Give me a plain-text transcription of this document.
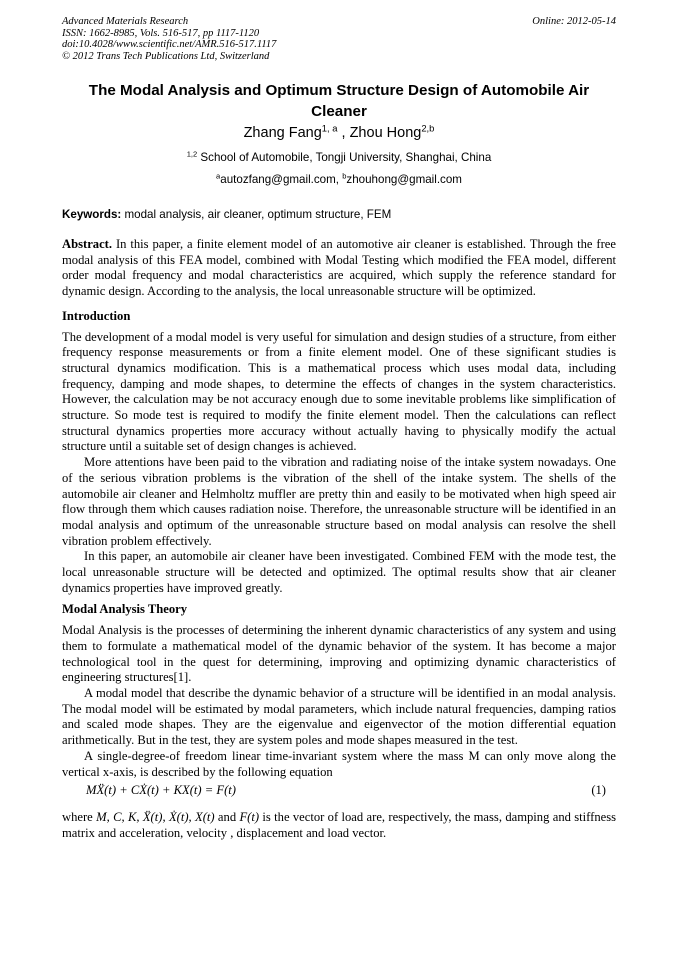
Advanced Materials Research
ISSN: 1662-8985, Vols. 516-517, pp 1117-1120
doi:10.4028/www.scientific.net/AMR.516-517.1117
© 2012 Trans Tech Publications Ltd, Switzerland
Online: 2012-05-14
The Modal Analysis and Optimum Structure Design of Automobile Air Cleaner
Zhang Fang$^{1, a}$ , Zhou Hong$^{2,b}$
$^{1,2}$ School of Automobile, Tongji University, Shanghai, China
$^a$autozfang@gmail.com, $^b$zhouhong@gmail.com
Keywords: modal analysis, air cleaner, optimum structure, FEM

Abstract. In this paper, a finite element model of an automotive air cleaner is established. Through the free modal analysis of this FEA model, combined with Modal Testing which modified the FEA model, different order modal frequency and modal characteristics are acquired, which supply the reference standard for dynamic design. According to the analysis, the local unreasonable structure will be optimized.

Introduction

The development of a modal model is very useful for simulation and design studies of a structure, from either frequency response measurements or from a finite element model. One of these significant studies is structural dynamics modification. This is a mathematical process which uses modal data, including frequency, damping and mode shapes, to determine the effects of changes in the system characteristics. However, the calculation may be not accuracy enough due to some inevitable problems like simplification of structure. So mode test is required to modify the finite element model. Then the calculations can reflect structural dynamics properties more accuracy without actually having to physically modify the actual structure until a suitable set of design changes is achieved.

More attentions have been paid to the vibration and radiating noise of the intake system nowadays. One of the serious vibration problems is the vibration of the shell of the intake system. The shells of the automobile air cleaner and Helmholtz muffler are pretty thin and easily to be motivated when high speed air flow through them which causes radiation noise. Therefore, the unreasonable structure will be identified in an modal analysis and optimum of the unreasonable structure based on modal analysis can resolve the shell vibration problem effectively.

In this paper, an automobile air cleaner have been investigated. Combined FEM with the mode test, the local unreasonable structure will be detected and optimized. The optimal results show that air cleaner dynamics properties have improved greatly.

Modal Analysis Theory

Modal Analysis is the processes of determining the inherent dynamic characteristics of any system and using them to formulate a mathematical model of the dynamic behavior of the system. It has become a major technological tool in the quest for determining, improving and optimizing dynamic characteristics of engineering structures[1].

A modal model that describe the dynamic behavior of a structure will be identified in an modal analysis. The modal model will be estimated by modal parameters, which include natural frequencies, damping ratios and scaled mode shapes. They are the eigenvalue and eigenvector of the motion differential equation arithmetically. But in the test, they are system poles and mode shapes measured in the test.

A single-degree-of freedom linear time-invariant system where the mass M can only move along the vertical x-axis, is described by the following equation

MẌ(t) + CẊ(t) + KX(t) = F(t)	(1)

where M, C, K, Ẍ(t), Ẋ(t), X(t) and F(t) is the vector of load are, respectively, the mass, damping and stiffness matrix and acceleration, velocity , displacement and load vector.
